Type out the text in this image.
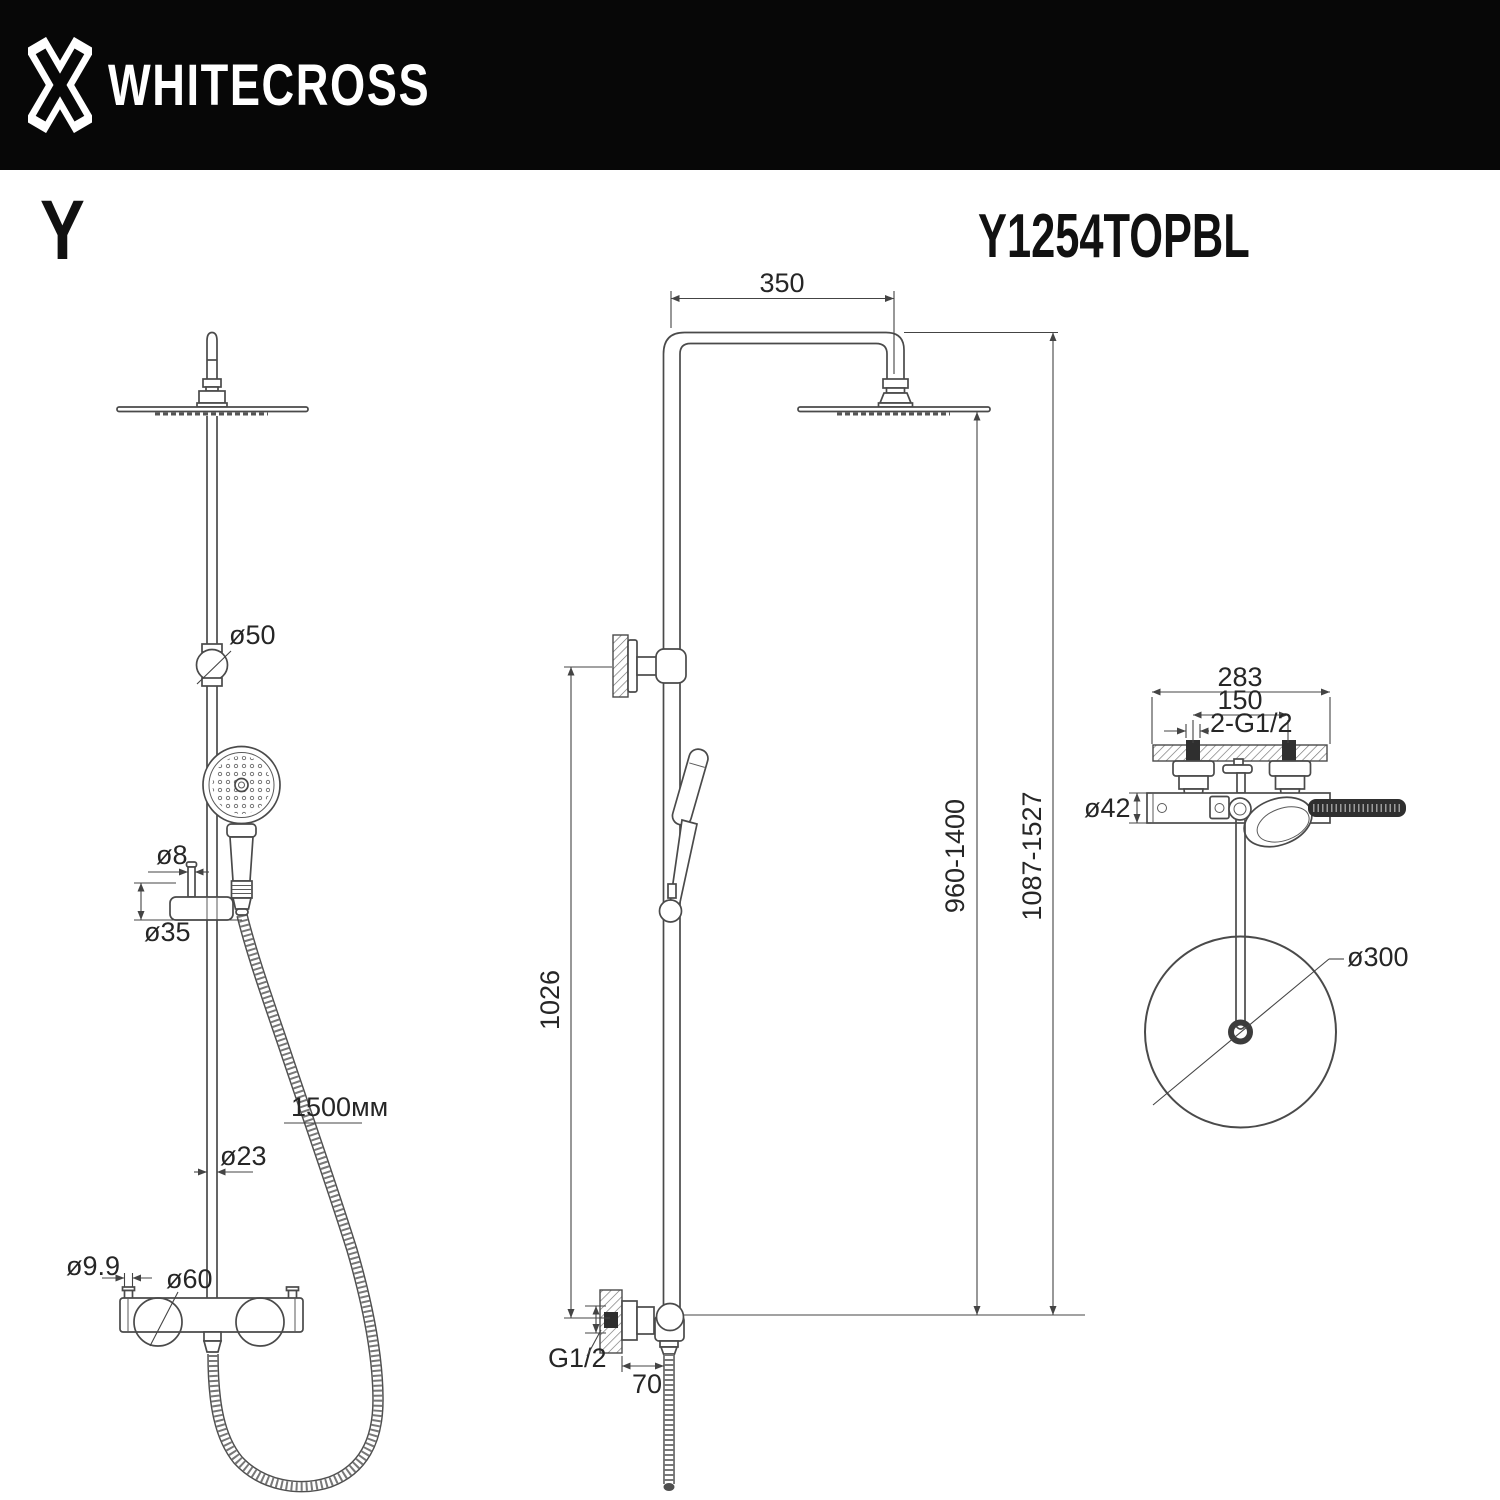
WHITECROSS
Y	Y1254TOPBL
ø50
ø8
ø35
1500мм
ø23
ø9.9 ø60
350
1087-1527
960-1400
1026
G1/2
70
283
150
2-G1/2
ø42
ø300
